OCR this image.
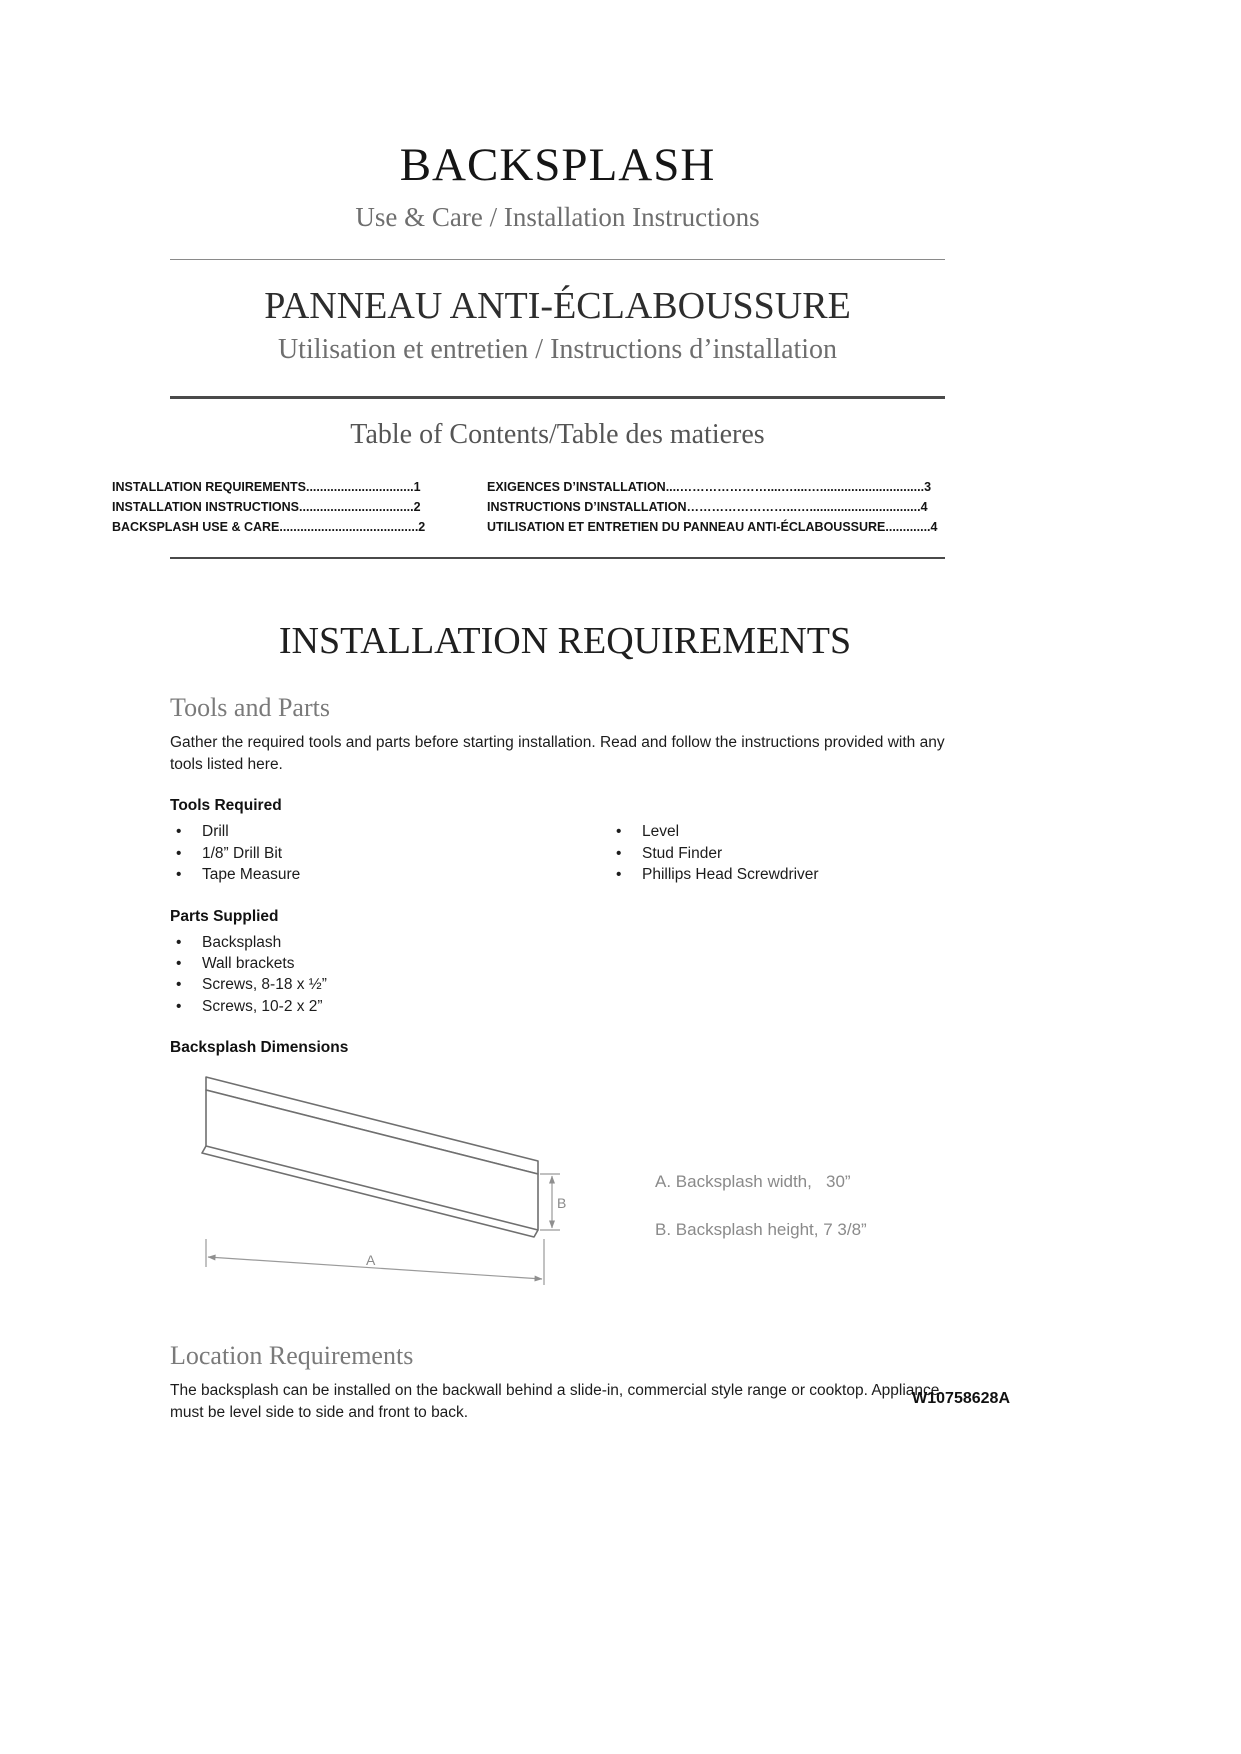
BACKSPLASH
Use & Care / Installation Instructions
PANNEAU ANTI-ÉCLABOUSSURE
Utilisation et entretien / Instructions d’installation
Table of Contents/Table des matieres
INSTALLATION REQUIREMENTS...............................1	EXIGENCES D’INSTALLATION....…………………....…....…..............................3
INSTALLATION INSTRUCTIONS.................................2	INSTRUCTIONS D’INSTALLATION……………………...…................................4
BACKSPLASH USE & CARE........................................2	UTILISATION ET ENTRETIEN DU PANNEAU ANTI-ÉCLABOUSSURE.............4
INSTALLATION REQUIREMENTS
Tools and Parts
Gather the required tools and parts before starting installation. Read and follow the instructions provided with any tools listed here.
Tools Required
• Drill
• 1/8” Drill Bit
• Tape Measure
• Level
• Stud Finder
• Phillips Head Screwdriver
Parts Supplied
• Backsplash
• Wall brackets
• Screws, 8-18 x ½”
• Screws, 10-2 x 2”
Backsplash Dimensions
B
A
A. Backsplash width,   30”
B. Backsplash height, 7 3/8”
Location Requirements
The backsplash can be installed on the backwall behind a slide-in, commercial style range or cooktop. Appliance must be level side to side and front to back.
W10758628A
